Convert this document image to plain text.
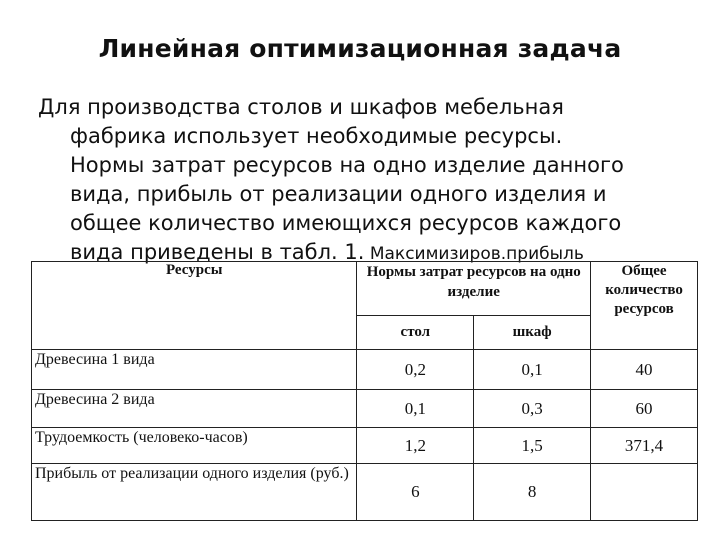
Линейная оптимизационная задача
Для производства столов и шкафов мебельная
фабрика использует необходимые ресурсы.
Нормы затрат ресурсов на одно изделие данного
вида, прибыль от реализации одного изделия и
общее количество имеющихся ресурсов каждого
вида приведены в табл. 1. Максимизиров.прибыль
Ресурсы	Нормы затрат ресурсов на одно изделие		Общее количество ресурсов
	стол	шкаф	
Древесина 1 вида	0,2	0,1	40
Древесина 2 вида	0,1	0,3	60
Трудоемкость (человеко-часов)	1,2	1,5	371,4
Прибыль от реализации одного изделия (руб.)	6	8	
